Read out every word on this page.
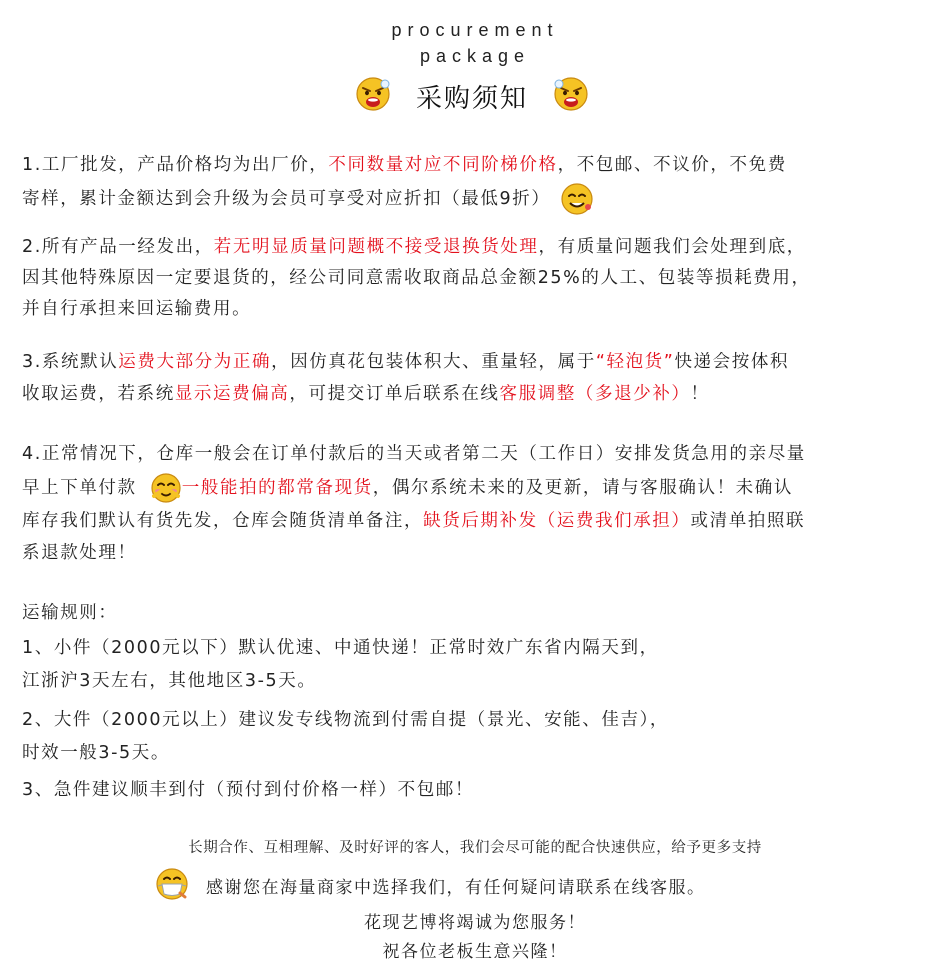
procurement
package
采购须知
1.工厂批发，产品价格均为出厂价，不同数量对应不同阶梯价格，不包邮、不议价，不免费
寄样，累计金额达到会升级为会员可享受对应折扣（最低9折）
2.所有产品一经发出，若无明显质量问题概不接受退换货处理，有质量问题我们会处理到底，
因其他特殊原因一定要退货的，经公司同意需收取商品总金额25%的人工、包装等损耗费用，
并自行承担来回运输费用。
3.系统默认运费大部分为正确，因仿真花包装体积大、重量轻，属于“轻泡货”快递会按体积
收取运费，若系统显示运费偏高，可提交订单后联系在线客服调整（多退少补）！
4.正常情况下，仓库一般会在订单付款后的当天或者第二天（工作日）安排发货急用的亲尽量
早上下单付款	一般能拍的都常备现货，偶尔系统未来的及更新，请与客服确认！未确认
库存我们默认有货先发，仓库会随货清单备注，缺货后期补发（运费我们承担）或清单拍照联
系退款处理！
运输规则：
1、小件（2000元以下）默认优速、中通快递！正常时效广东省内隔天到，
江浙沪3天左右，其他地区3-5天。
2、大件（2000元以上）建议发专线物流到付需自提（景光、安能、佳吉），
时效一般3-5天。
3、急件建议顺丰到付（预付到付价格一样）不包邮！
长期合作、互相理解、及时好评的客人，我们会尽可能的配合快速供应，给予更多支持
感谢您在海量商家中选择我们，有任何疑问请联系在线客服。
花现艺博将竭诚为您服务！
祝各位老板生意兴隆！
